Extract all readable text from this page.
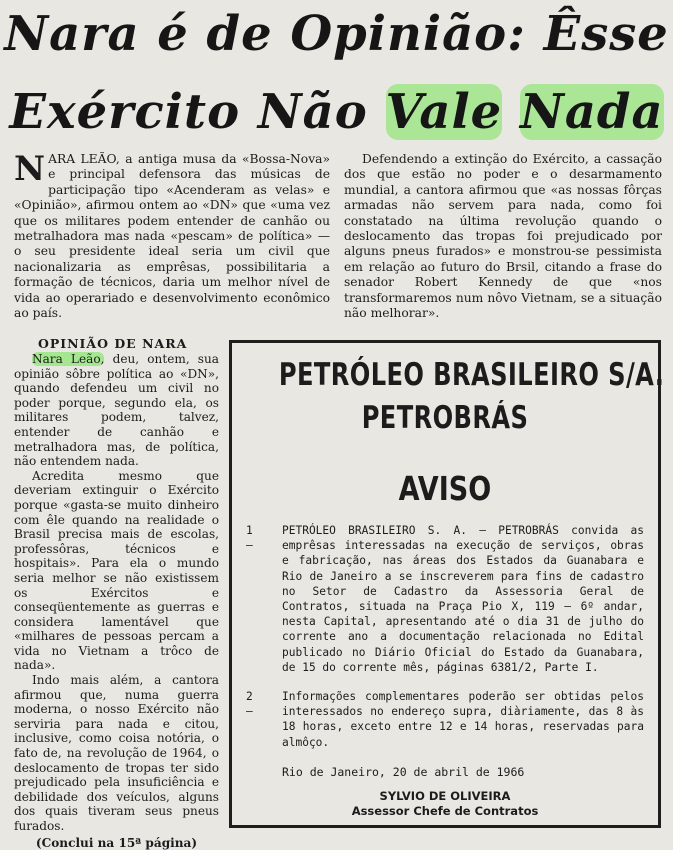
Nara é de Opinião: Êsse
Exército Não Vale Nada
N ARA LEÃO, a antiga musa da «Bossa-Nova» e principal defensora das músicas de participação tipo «Acenderam as velas» e «Opinião», afirmou ontem ao «DN» que «uma vez que os militares podem entender de canhão ou metralhadora mas nada «pescam» de política» — o seu presidente ideal seria um civil que nacionalizaria as emprêsas, possibilitaria a formação de técnicos, daria um melhor nível de vida ao operariado e desenvolvimento econômico ao país.

Defendendo a extinção do Exército, a cassação dos que estão no poder e o desarmamento mundial, a cantora afirmou que «as nossas fôrças armadas não servem para nada, como foi constatado na última revolução quando o deslocamento das tropas foi prejudicado por alguns pneus furados» e monstrou-se pessimista em relação ao futuro do Brsil, citando a frase do senador Robert Kennedy de que «nos transformaremos num nôvo Vietnam, se a situação não melhorar».

OPINIÃO DE NARA

Nara Leão, deu, ontem, sua opinião sôbre política ao «DN», quando defendeu um civil no poder porque, segundo ela, os militares podem, talvez, entender de canhão e metralhadora mas, de política, não entendem nada.

Acredita mesmo que deveriam extinguir o Exército porque «gasta-se muito dinheiro com êle quando na realidade o Brasil precisa mais de escolas, professôras, técnicos e hospitais». Para ela o mundo seria melhor se não existissem os Exércitos e conseqüentemente as guerras e considera lamentável que «milhares de pessoas percam a vida no Vietnam a trôco de nada».

Indo mais além, a cantora afirmou que, numa guerra moderna, o nosso Exército não serviria para nada e citou, inclusive, como coisa notória, o fato de, na revolução de 1964, o deslocamento de tropas ter sido prejudicado pela insuficiência e debilidade dos veículos, alguns dos quais tiveram seus pneus furados.

(Conclui na 15ª página)

PETRÓLEO BRASILEIRO S/A.
PETROBRÁS
AVISO
1 —
PETRÓLEO BRASILEIRO S. A. — PETROBRÁS convida as emprêsas interessadas na execução de serviços, obras e fabricação, nas áreas dos Estados da Guanabara e Rio de Janeiro a se inscreverem para fins de cadastro no Setor de Cadastro da Assessoria Geral de Contratos, situada na Praça Pio X, 119 — 6º andar, nesta Capital, apresentando até o dia 31 de julho do corrente ano a documentação relacionada no Edital publicado no Diário Oficial do Estado da Guanabara, de 15 do corrente mês, páginas 6381/2, Parte I.
2 —
Informações complementares poderão ser obtidas pelos interessados no endereço supra, diàriamente, das 8 às 18 horas, exceto entre 12 e 14 horas, reservadas para almôço.
Rio de Janeiro, 20 de abril de 1966
SYLVIO DE OLIVEIRA
Assessor Chefe de Contratos
